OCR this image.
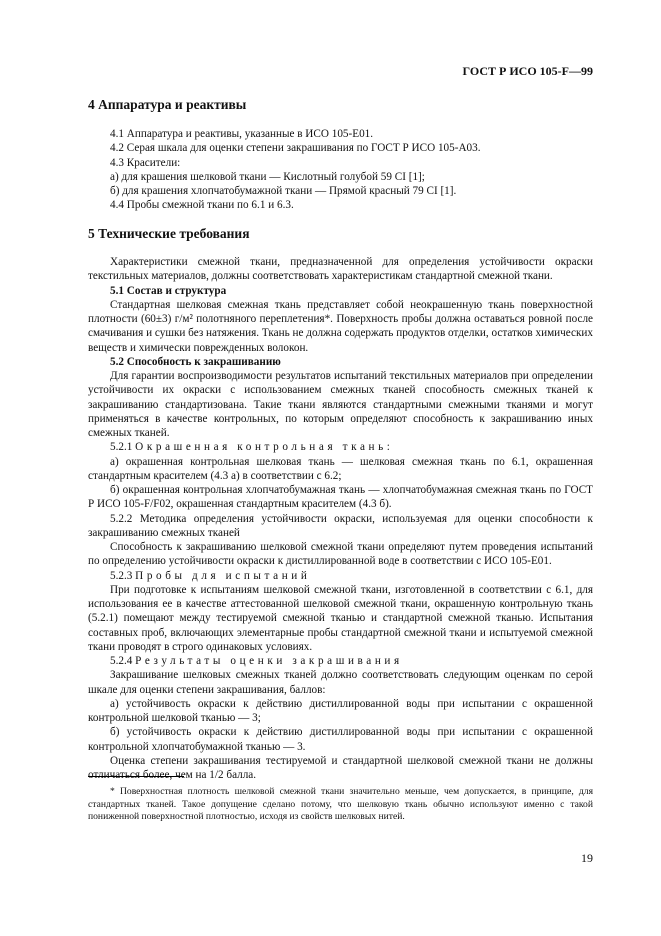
ГОСТ Р ИСО 105-F—99
4 Аппаратура и реактивы

4.1 Аппаратура и реактивы, указанные в ИСО 105-E01.

4.2 Серая шкала для оценки степени закрашивания по ГОСТ Р ИСО 105-A03.

4.3 Красители:

а) для крашения шелковой ткани — Кислотный голубой 59 CI [1];

б) для крашения хлопчатобумажной ткани — Прямой красный 79 CI [1].

4.4 Пробы смежной ткани по 6.1 и 6.3.

5 Технические требования

Характеристики смежной ткани, предназначенной для определения устойчивости окраски текстильных материалов, должны соответствовать характеристикам стандартной смежной ткани.

5.1 Состав и структура

Стандартная шелковая смежная ткань представляет собой неокрашенную ткань поверхностной плотности (60±3) г/м² полотняного переплетения*. Поверхность пробы должна оставаться ровной после смачивания и сушки без натяжения. Ткань не должна содержать продуктов отделки, остатков химических веществ и химически поврежденных волокон.

5.2 Способность к закрашиванию

Для гарантии воспроизводимости результатов испытаний текстильных материалов при определении устойчивости их окраски с использованием смежных тканей способность смежных тканей к закрашиванию стандартизована. Такие ткани являются стандартными смежными тканями и могут применяться в качестве контрольных, по которым определяют способность к закрашиванию иных смежных тканей.

5.2.1 Окрашенная контрольная ткань:

а) окрашенная контрольная шелковая ткань — шелковая смежная ткань по 6.1, окрашенная стандартным красителем (4.3 а) в соответствии с 6.2;

б) окрашенная контрольная хлопчатобумажная ткань — хлопчатобумажная смежная ткань по ГОСТ Р ИСО 105-F/F02, окрашенная стандартным красителем (4.3 б).

5.2.2 Методика определения устойчивости окраски, используемая для оценки способности к закрашиванию смежных тканей

Способность к закрашиванию шелковой смежной ткани определяют путем проведения испытаний по определению устойчивости окраски к дистиллированной воде в соответствии с ИСО 105-E01.

5.2.3 Пробы для испытаний

При подготовке к испытаниям шелковой смежной ткани, изготовленной в соответствии с 6.1, для использования ее в качестве аттестованной шелковой смежной ткани, окрашенную контрольную ткань (5.2.1) помещают между тестируемой смежной тканью и стандартной смежной тканью. Испытания составных проб, включающих элементарные пробы стандартной смежной ткани и испытуемой смежной ткани проводят в строго одинаковых условиях.

5.2.4 Результаты оценки закрашивания

Закрашивание шелковых смежных тканей должно соответствовать следующим оценкам по серой шкале для оценки степени закрашивания, баллов:

а) устойчивость окраски к действию дистиллированной воды при испытании с окрашенной контрольной шелковой тканью — 3;

б) устойчивость окраски к действию дистиллированной воды при испытании с окрашенной контрольной хлопчатобумажной тканью — 3.

Оценка степени закрашивания тестируемой и стандартной шелковой смежной ткани не должны отличаться более, чем на 1/2 балла.

* Поверхностная плотность шелковой смежной ткани значительно меньше, чем допускается, в принципе, для стандартных тканей. Такое допущение сделано потому, что шелковую ткань обычно используют именно с такой пониженной поверхностной плотностью, исходя из свойств шелковых нитей.

19
